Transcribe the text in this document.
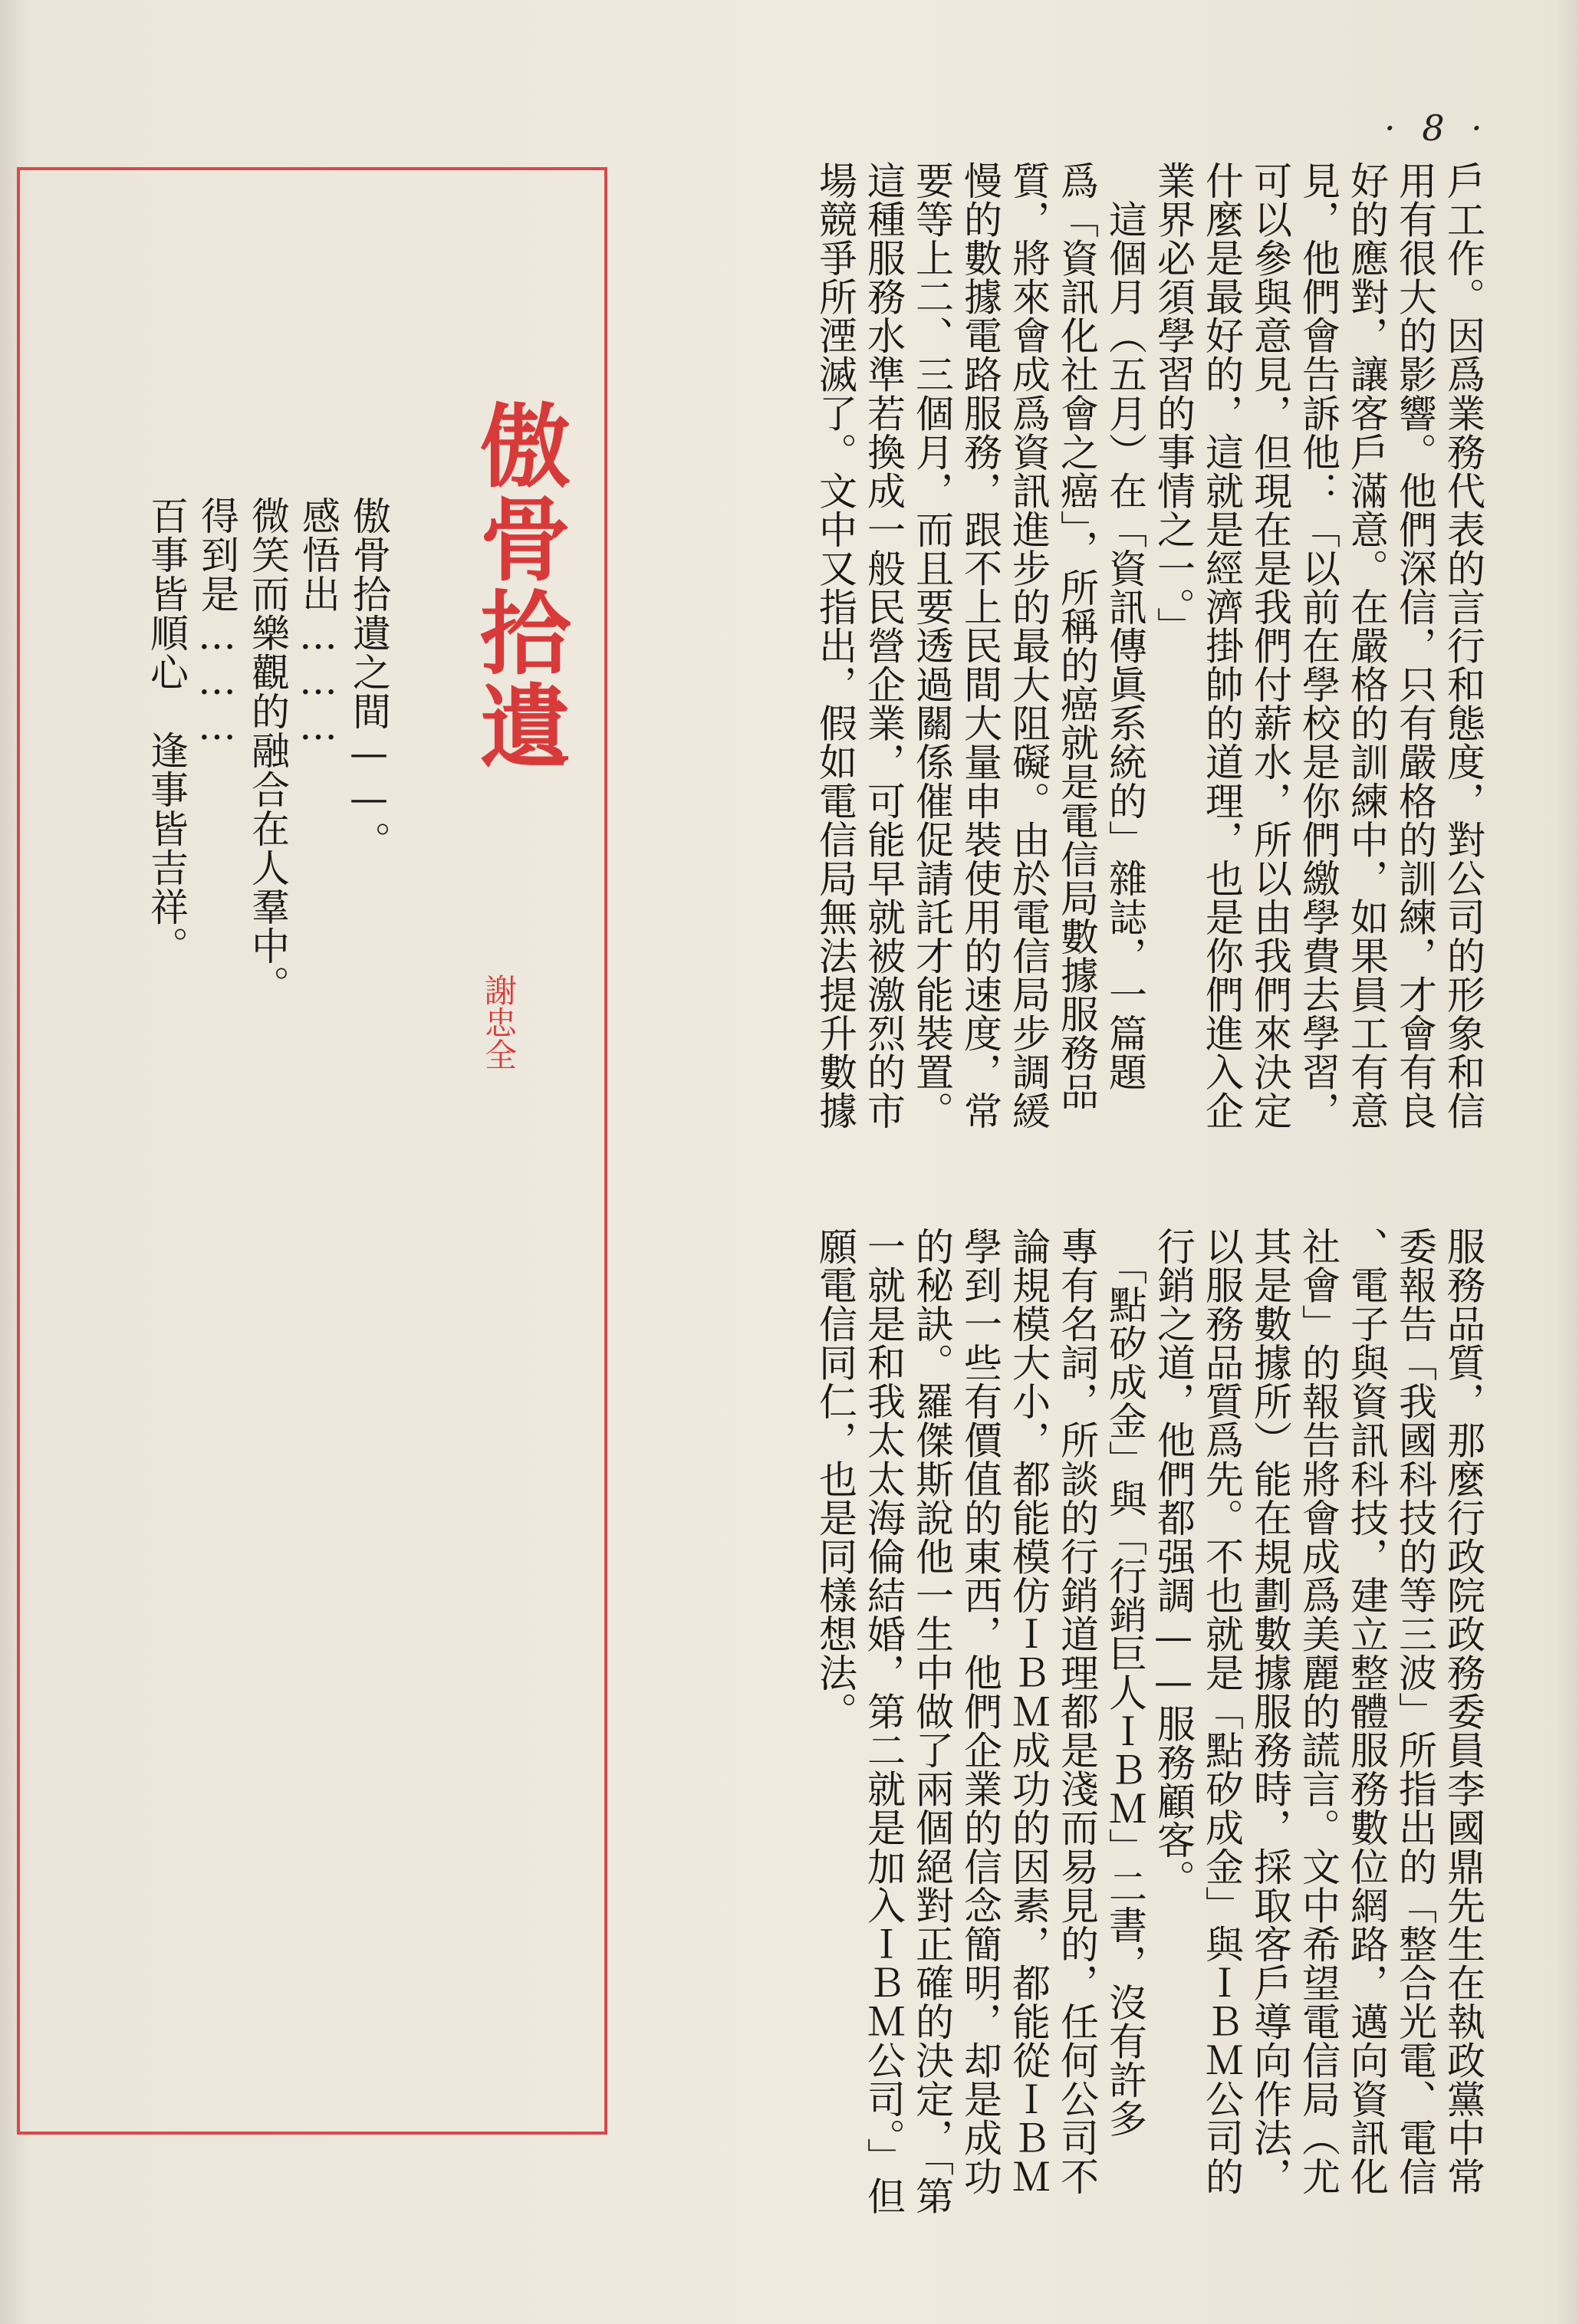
· 8 ·
戶工作。因爲業務代表的言行和態度，對公司的形象和信
用有很大的影響。他們深信，只有嚴格的訓練，才會有良
好的應對，讓客戶滿意。在嚴格的訓練中，如果員工有意
見，他們會告訴他：「以前在學校是你們繳學費去學習，
可以參與意見，但現在是我們付薪水，所以由我們來決定
什麼是最好的，這就是經濟掛帥的道理，也是你們進入企
業界必須學習的事情之一。」
　這個月（五月）在「資訊傳眞系統的」雜誌，一篇題
爲「資訊化社會之癌」，所稱的癌就是電信局數據服務品
質，將來會成爲資訊進步的最大阻礙。由於電信局步調緩
慢的數據電路服務，跟不上民間大量申裝使用的速度，常
要等上二、三個月，而且要透過關係催促請託才能裝置。
這種服務水準若換成一般民營企業，可能早就被激烈的市
場競爭所湮滅了。文中又指出，假如電信局無法提升數據
服務品質，那麼行政院政務委員李國鼎先生在執政黨中常
委報告「我國科技的等三波」所指出的「整合光電、電信
、電子與資訊科技，建立整體服務數位網路，邁向資訊化
社會」的報告將會成爲美麗的謊言。文中希望電信局（尤
其是數據所）能在規劃數據服務時，採取客戶導向作法，
以服務品質爲先。不也就是「點矽成金」與ＩＢＭ公司的
行銷之道，他們都强調——服務顧客。
　「點矽成金」與「行銷巨人ＩＢＭ」二書，沒有許多
專有名詞，所談的行銷道理都是淺而易見的，任何公司不
論規模大小，都能模仿ＩＢＭ成功的因素，都能從ＩＢＭ
學到一些有價值的東西，他們企業的信念簡明，却是成功
的秘訣。羅傑斯說他一生中做了兩個絕對正確的決定，「第
一就是和我太太海倫結婚，第二就是加入ＩＢＭ公司。」但
願電信同仁，也是同樣想法。
傲骨拾遺
謝忠全
　　　　　　　傲骨拾遺之間——。
　　　　　　　感悟出………
　　　　　　　微笑而樂觀的融合在人羣中。
　　　　　　　得到是………
　　　　　　　百事皆順心　逢事皆吉祥。
